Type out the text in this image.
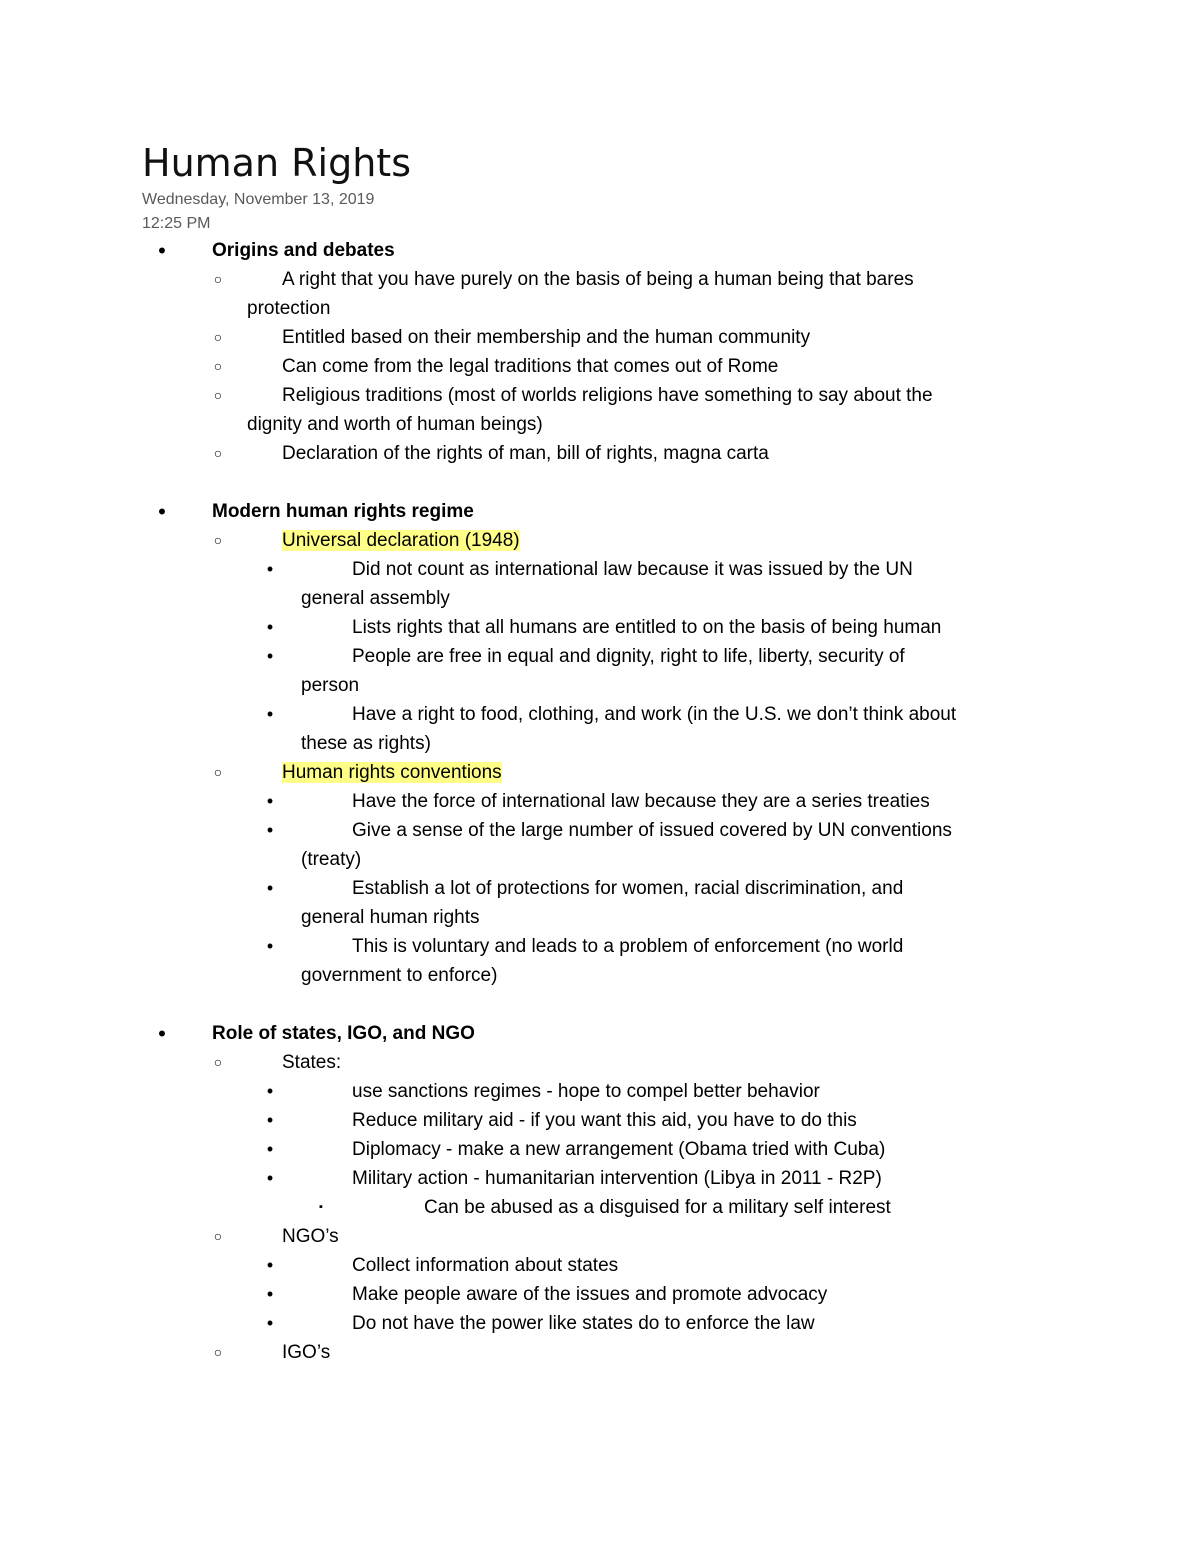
Human Rights
Wednesday, November 13, 2019
12:25 PM
• Origins and debates
○	A right that you have purely on the basis of being a human being that bares
protection
○	Entitled based on their membership and the human community
○	Can come from the legal traditions that comes out of Rome
○	Religious traditions (most of worlds religions have something to say about the
dignity and worth of human beings)
○	Declaration of the rights of man, bill of rights, magna carta
• Modern human rights regime
○	Universal declaration (1948)
•	Did not count as international law because it was issued by the UN
general assembly
•	Lists rights that all humans are entitled to on the basis of being human
•	People are free in equal and dignity, right to life, liberty, security of
person
•	Have a right to food, clothing, and work (in the U.S. we don’t think about
these as rights)
○	Human rights conventions
•	Have the force of international law because they are a series treaties
•	Give a sense of the large number of issued covered by UN conventions
(treaty)
•	Establish a lot of protections for women, racial discrimination, and
general human rights
•	This is voluntary and leads to a problem of enforcement (no world
government to enforce)
• Role of states, IGO, and NGO
○	States:
•	use sanctions regimes - hope to compel better behavior
•	Reduce military aid - if you want this aid, you have to do this
•	Diplomacy - make a new arrangement (Obama tried with Cuba)
•	Military action - humanitarian intervention (Libya in 2011 - R2P)
▪	Can be abused as a disguised for a military self interest
○	NGO’s
•	Collect information about states
•	Make people aware of the issues and promote advocacy
•	Do not have the power like states do to enforce the law
○	IGO’s
